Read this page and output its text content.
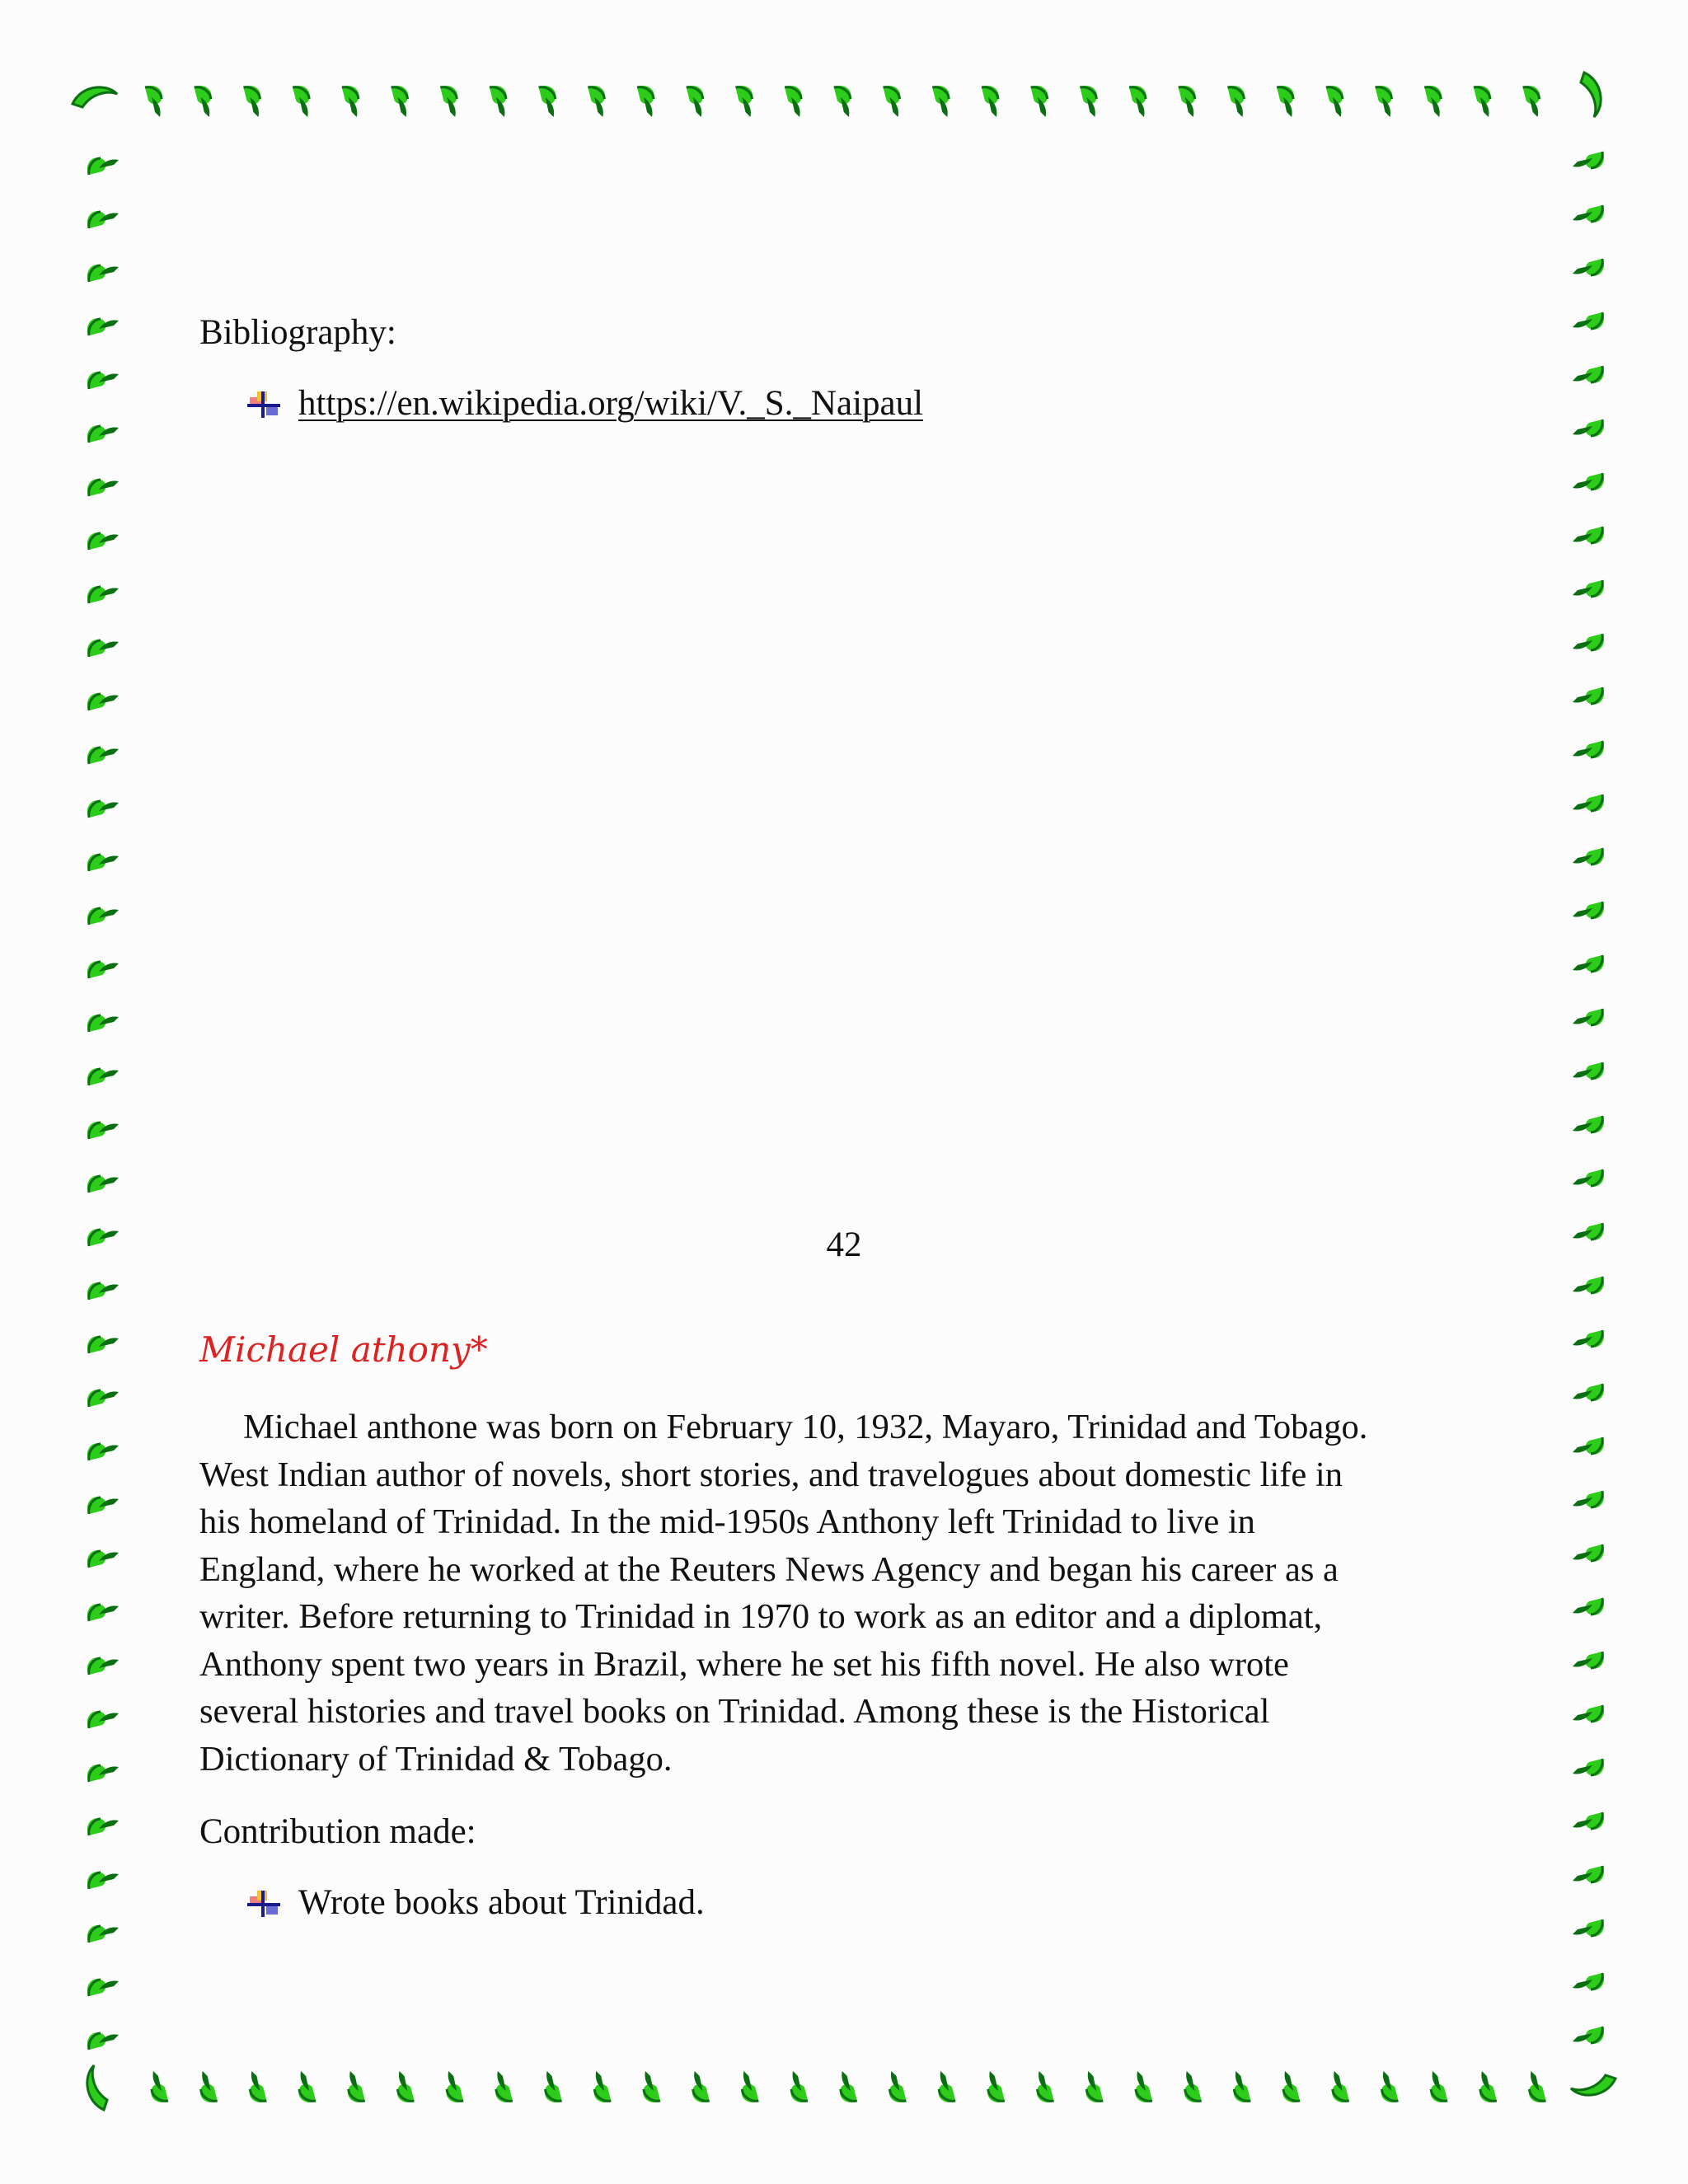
Bibliography:
https://en.wikipedia.org/wiki/V._S._Naipaul
42
Michael athony*

Michael anthone was born on February 10, 1932, Mayaro, Trinidad and Tobago.

West Indian author of novels, short stories, and travelogues about domestic life in

his homeland of Trinidad. In the mid-1950s Anthony left Trinidad to live in

England, where he worked at the Reuters News Agency and began his career as a

writer. Before returning to Trinidad in 1970 to work as an editor and a diplomat,

Anthony spent two years in Brazil, where he set his fifth novel. He also wrote

several histories and travel books on Trinidad. Among these is the Historical

Dictionary of Trinidad & Tobago.

Contribution made:
Wrote books about Trinidad.
